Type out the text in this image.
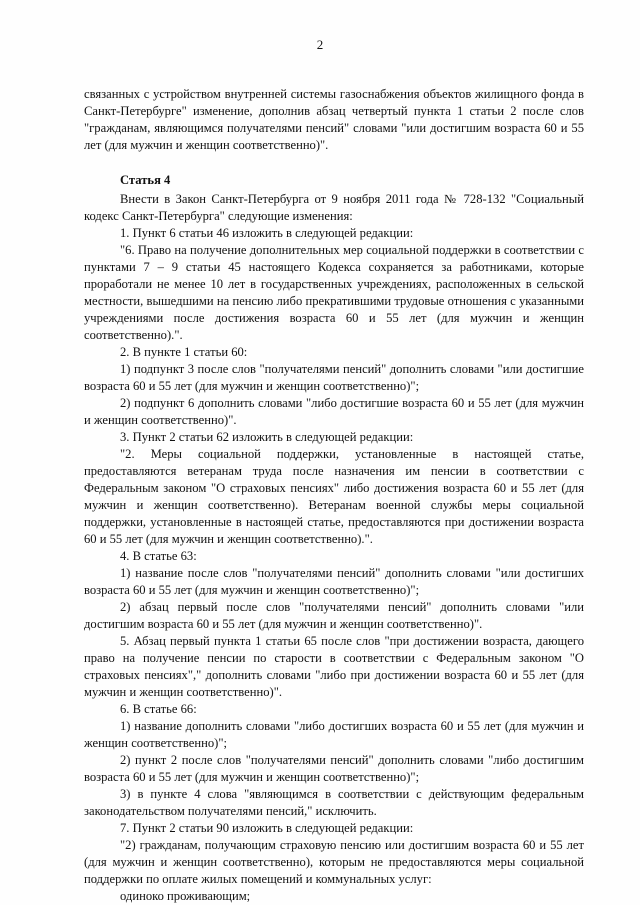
2

связанных с устройством внутренней системы газоснабжения объектов жилищного фонда в Санкт-Петербурге" изменение, дополнив абзац четвертый пункта 1 статьи 2 после слов "гражданам, являющимся получателями пенсий" словами "или достигшим возраста 60 и 55 лет (для мужчин и женщин соответственно)".

Статья 4

Внести в Закон Санкт-Петербурга от 9 ноября 2011 года № 728-132 "Социальный кодекс Санкт-Петербурга" следующие изменения:

1. Пункт 6 статьи 46 изложить в следующей редакции:

"6. Право на получение дополнительных мер социальной поддержки в соответствии с пунктами 7 – 9 статьи 45 настоящего Кодекса сохраняется за работниками, которые проработали не менее 10 лет в государственных учреждениях, расположенных в сельской местности, вышедшими на пенсию либо прекратившими трудовые отношения с указанными учреждениями после достижения возраста 60 и 55 лет (для мужчин и женщин соответственно).".

2. В пункте 1 статьи 60:

1) подпункт 3 после слов "получателями пенсий" дополнить словами "или достигшие возраста 60 и 55 лет (для мужчин и женщин соответственно)";

2) подпункт 6 дополнить словами "либо достигшие возраста 60 и 55 лет (для мужчин и женщин соответственно)".

3. Пункт 2 статьи 62 изложить в следующей редакции:

"2. Меры социальной поддержки, установленные в настоящей статье, предоставляются ветеранам труда после назначения им пенсии в соответствии с Федеральным законом "О страховых пенсиях" либо достижения возраста 60 и 55 лет (для мужчин и женщин соответственно). Ветеранам военной службы меры социальной поддержки, установленные в настоящей статье, предоставляются при достижении возраста 60 и 55 лет (для мужчин и женщин соответственно).".

4. В статье 63:

1) название после слов "получателями пенсий" дополнить словами "или достигших возраста 60 и 55 лет (для мужчин и женщин соответственно)";

2) абзац первый после слов "получателями пенсий" дополнить словами "или достигшим возраста 60 и 55 лет (для мужчин и женщин соответственно)".

5. Абзац первый пункта 1 статьи 65 после слов "при достижении возраста, дающего право на получение пенсии по старости в соответствии с Федеральным законом "О страховых пенсиях"," дополнить словами "либо при достижении возраста 60 и 55 лет (для мужчин и женщин соответственно)".

6. В статье 66:

1) название дополнить словами "либо достигших возраста 60 и 55 лет (для мужчин и женщин соответственно)";

2) пункт 2 после слов "получателями пенсий" дополнить словами "либо достигшим возраста 60 и 55 лет (для мужчин и женщин соответственно)";

3) в пункте 4 слова "являющимся в соответствии с действующим федеральным законодательством получателями пенсий," исключить.

7. Пункт 2 статьи 90 изложить в следующей редакции:

"2) гражданам, получающим страховую пенсию или достигшим возраста 60 и 55 лет (для мужчин и женщин соответственно), которым не предоставляются меры социальной поддержки по оплате жилых помещений и коммунальных услуг:

одиноко проживающим;
